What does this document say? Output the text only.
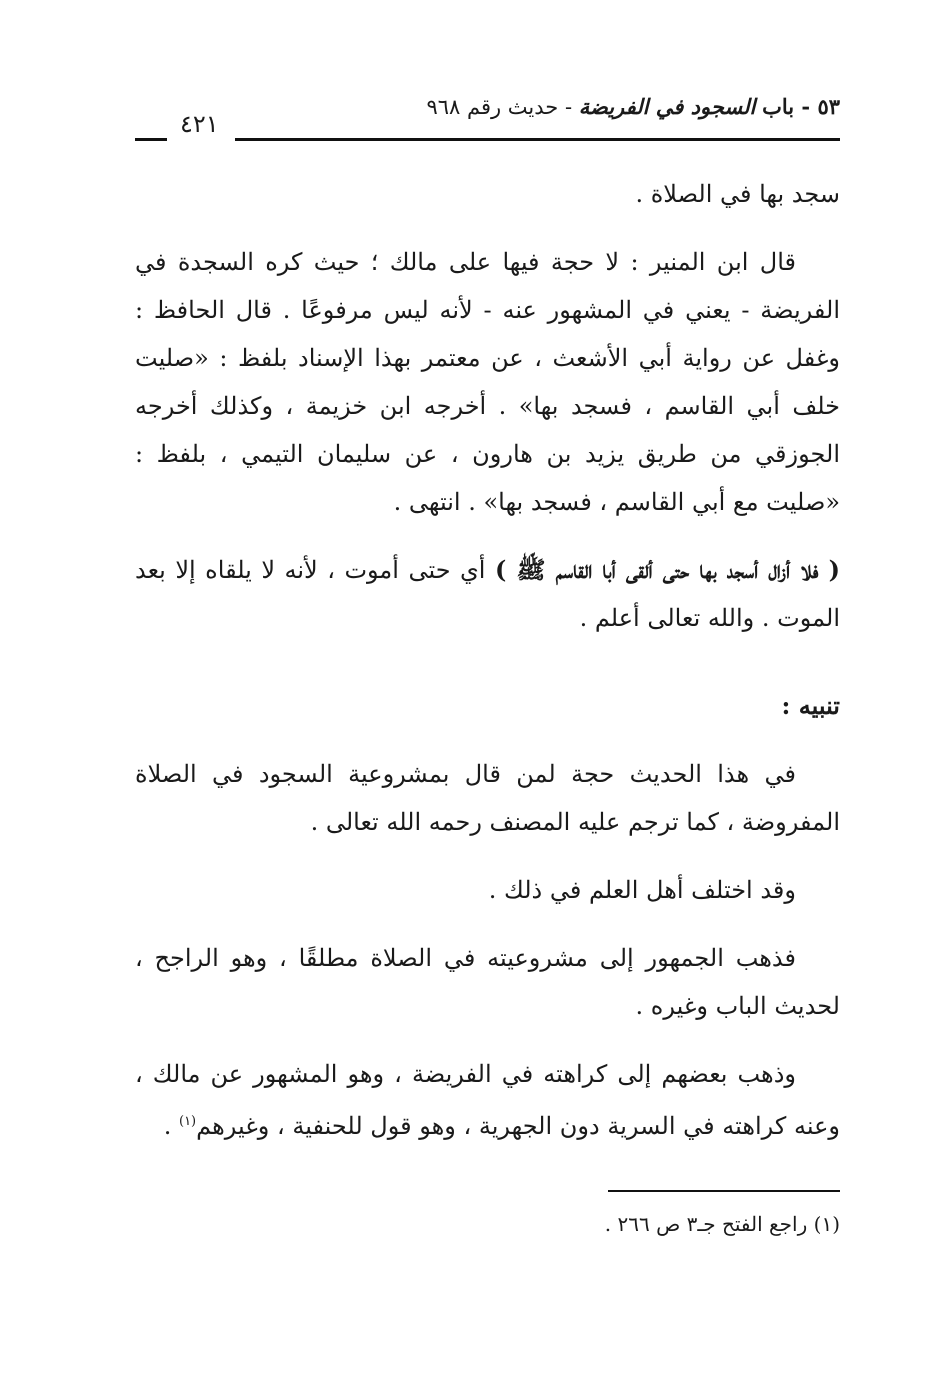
٥٣ - باب السجود في الفريضة - حديث رقم ٩٦٨
٤٢١

سجد بها في الصلاة .

قال ابن المنير : لا حجة فيها على مالك ؛ حيث كره السجدة في الفريضة - يعني في المشهور عنه - لأنه ليس مرفوعًا . قال الحافظ : وغفل عن رواية أبي الأشعث ، عن معتمر بهذا الإسناد بلفظ : «صليت خلف أبي القاسم ، فسجد بها» . أخرجه ابن خزيمة ، وكذلك أخرجه الجوزقي من طريق يزيد بن هارون ، عن سليمان التيمي ، بلفظ : «صليت مع أبي القاسم ، فسجد بها» . انتهى .

( فلا أزال أسجد بها حتى ألقى أبا القاسم ﷺ ) أي حتى أموت ، لأنه لا يلقاه إلا بعد الموت . والله تعالى أعلم .

تنبيه :

في هذا الحديث حجة لمن قال بمشروعية السجود في الصلاة المفروضة ، كما ترجم عليه المصنف رحمه الله تعالى .

وقد اختلف أهل العلم في ذلك .

فذهب الجمهور إلى مشروعيته في الصلاة مطلقًا ، وهو الراجح ، لحديث الباب وغيره .

وذهب بعضهم إلى كراهته في الفريضة ، وهو المشهور عن مالك ، وعنه كراهته في السرية دون الجهرية ، وهو قول للحنفية ، وغيرهم$^{(١)}$ .

(١) راجع الفتح جـ٣ ص ٢٦٦ .
